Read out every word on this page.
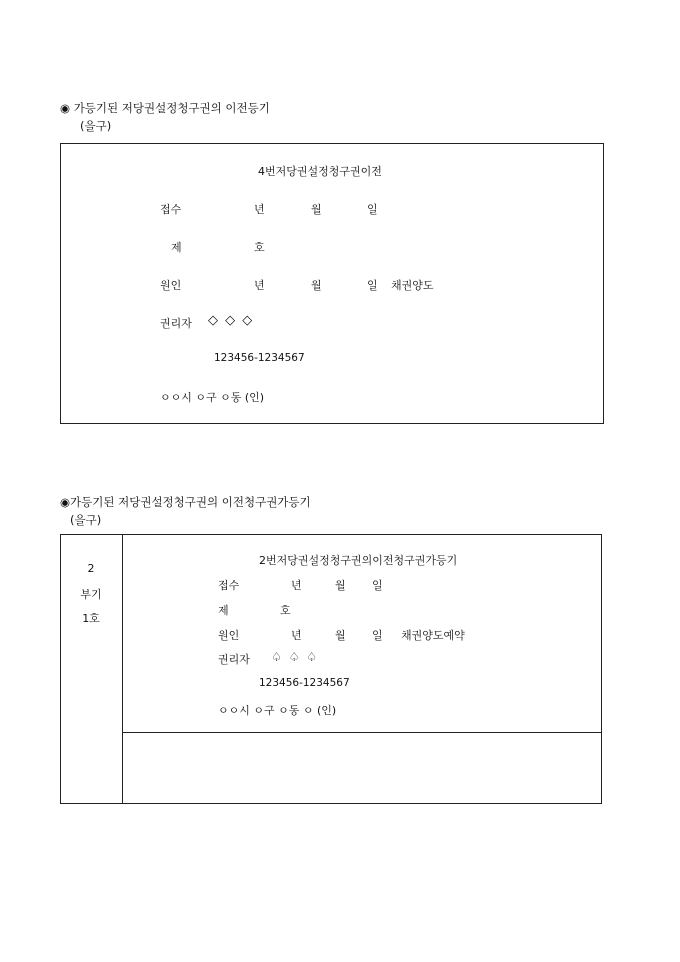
◉ 가등기된 저당권설정청구권의 이전등기
(을구)
4번저당권설정청구권이전
접수	년	월	일
제	호
원인	년	월	일 채권양도
권리자 ◇ ◇ ◇
123456-1234567
ㅇㅇ시 ㅇ구 ㅇ동 (인)
◉가등기된 저당권설정청구권의 이전청구권가등기
(을구)
2
부기
1호
2번저당권설정청구권의이전청구권가등기
접수	년	월 일
제	호
원인	년	월 일 채권양도예약
권리자 ♤ ♤ ♤
123456-1234567
ㅇㅇ시 ㅇ구 ㅇ동 ㅇ (인)
